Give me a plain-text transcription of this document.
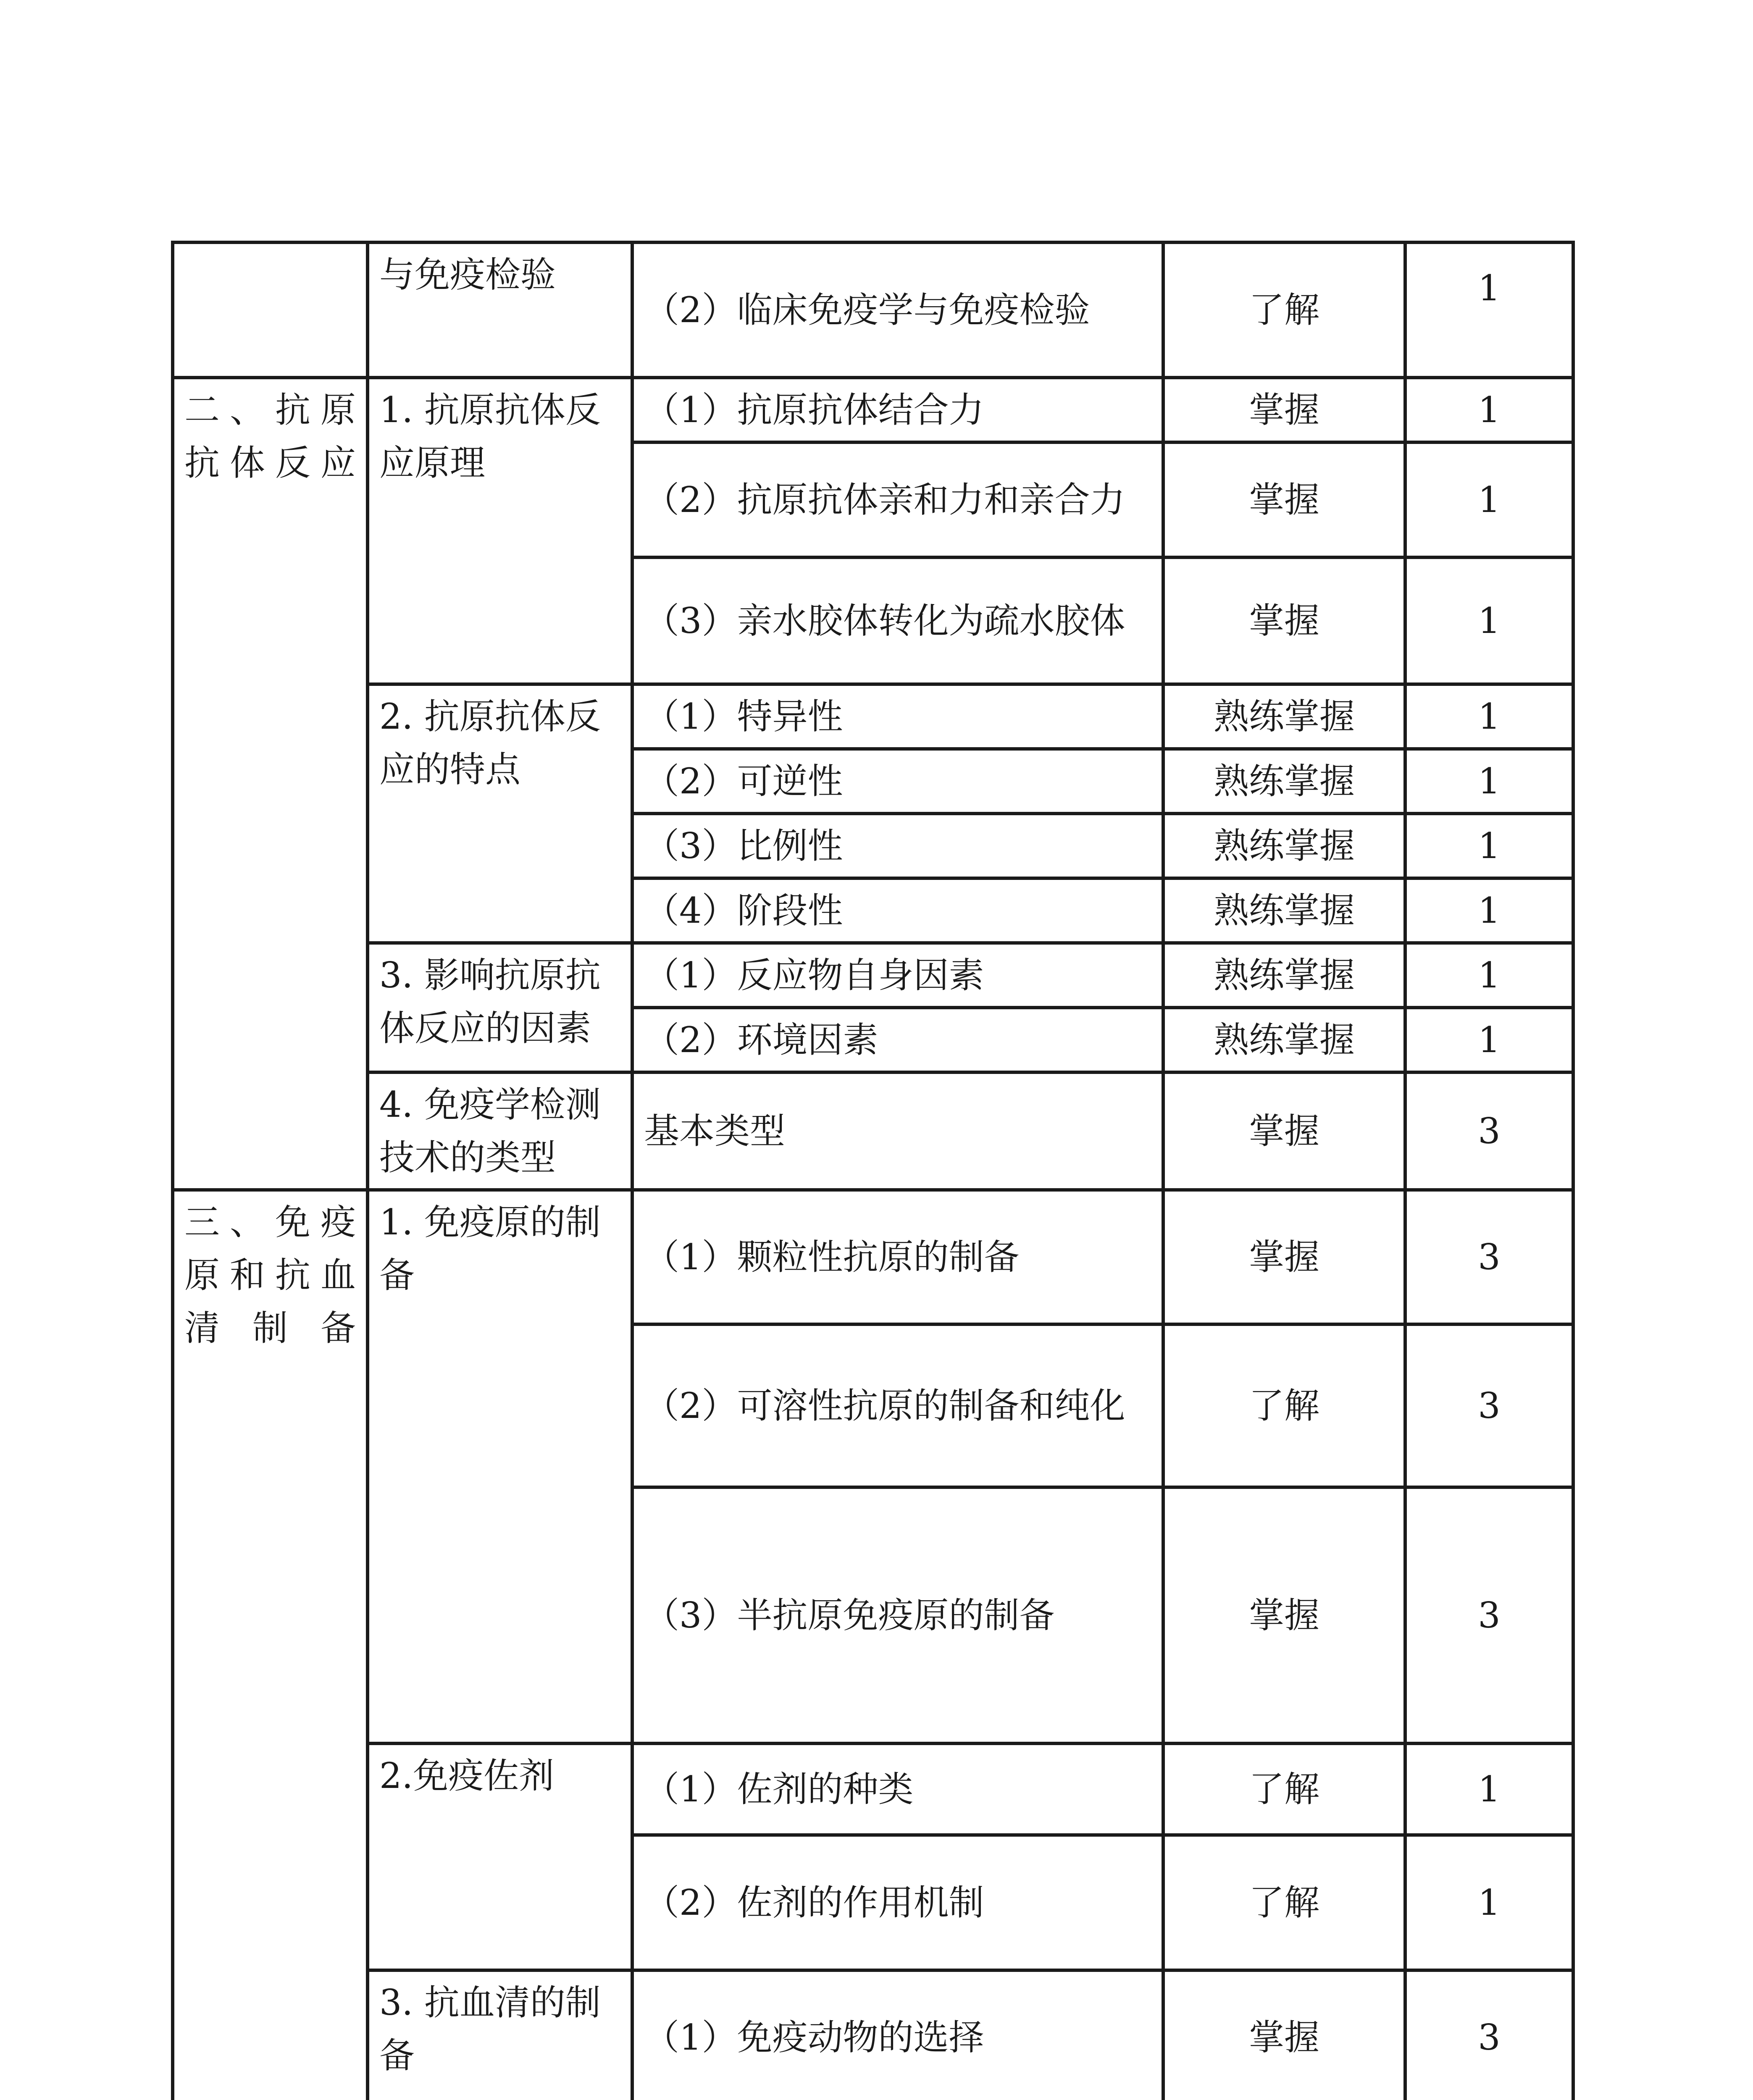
	与免疫检验	（2）临床免疫学与免疫检验	了解	1
二、抗原抗体反应	1. 抗原抗体反应原理	（1）抗原抗体结合力	掌握	1
		（2）抗原抗体亲和力和亲合力	掌握	1
		（3）亲水胶体转化为疏水胶体	掌握	1
	2. 抗原抗体反应的特点	（1）特异性	熟练掌握	1
		（2）可逆性	熟练掌握	1
		（3）比例性	熟练掌握	1
		（4）阶段性	熟练掌握	1
	3. 影响抗原抗体反应的因素	（1）反应物自身因素	熟练掌握	1
		（2）环境因素	熟练掌握	1
	4. 免疫学检测技术的类型	基本类型	掌握	3
三、免疫原和抗血清制备	1. 免疫原的制备	（1）颗粒性抗原的制备	掌握	3
		（2）可溶性抗原的制备和纯化	了解	3
		（3）半抗原免疫原的制备	掌握	3
	2.免疫佐剂	（1）佐剂的种类	了解	1
		（2）佐剂的作用机制	了解	1
	3. 抗血清的制备	（1）免疫动物的选择	掌握	3
